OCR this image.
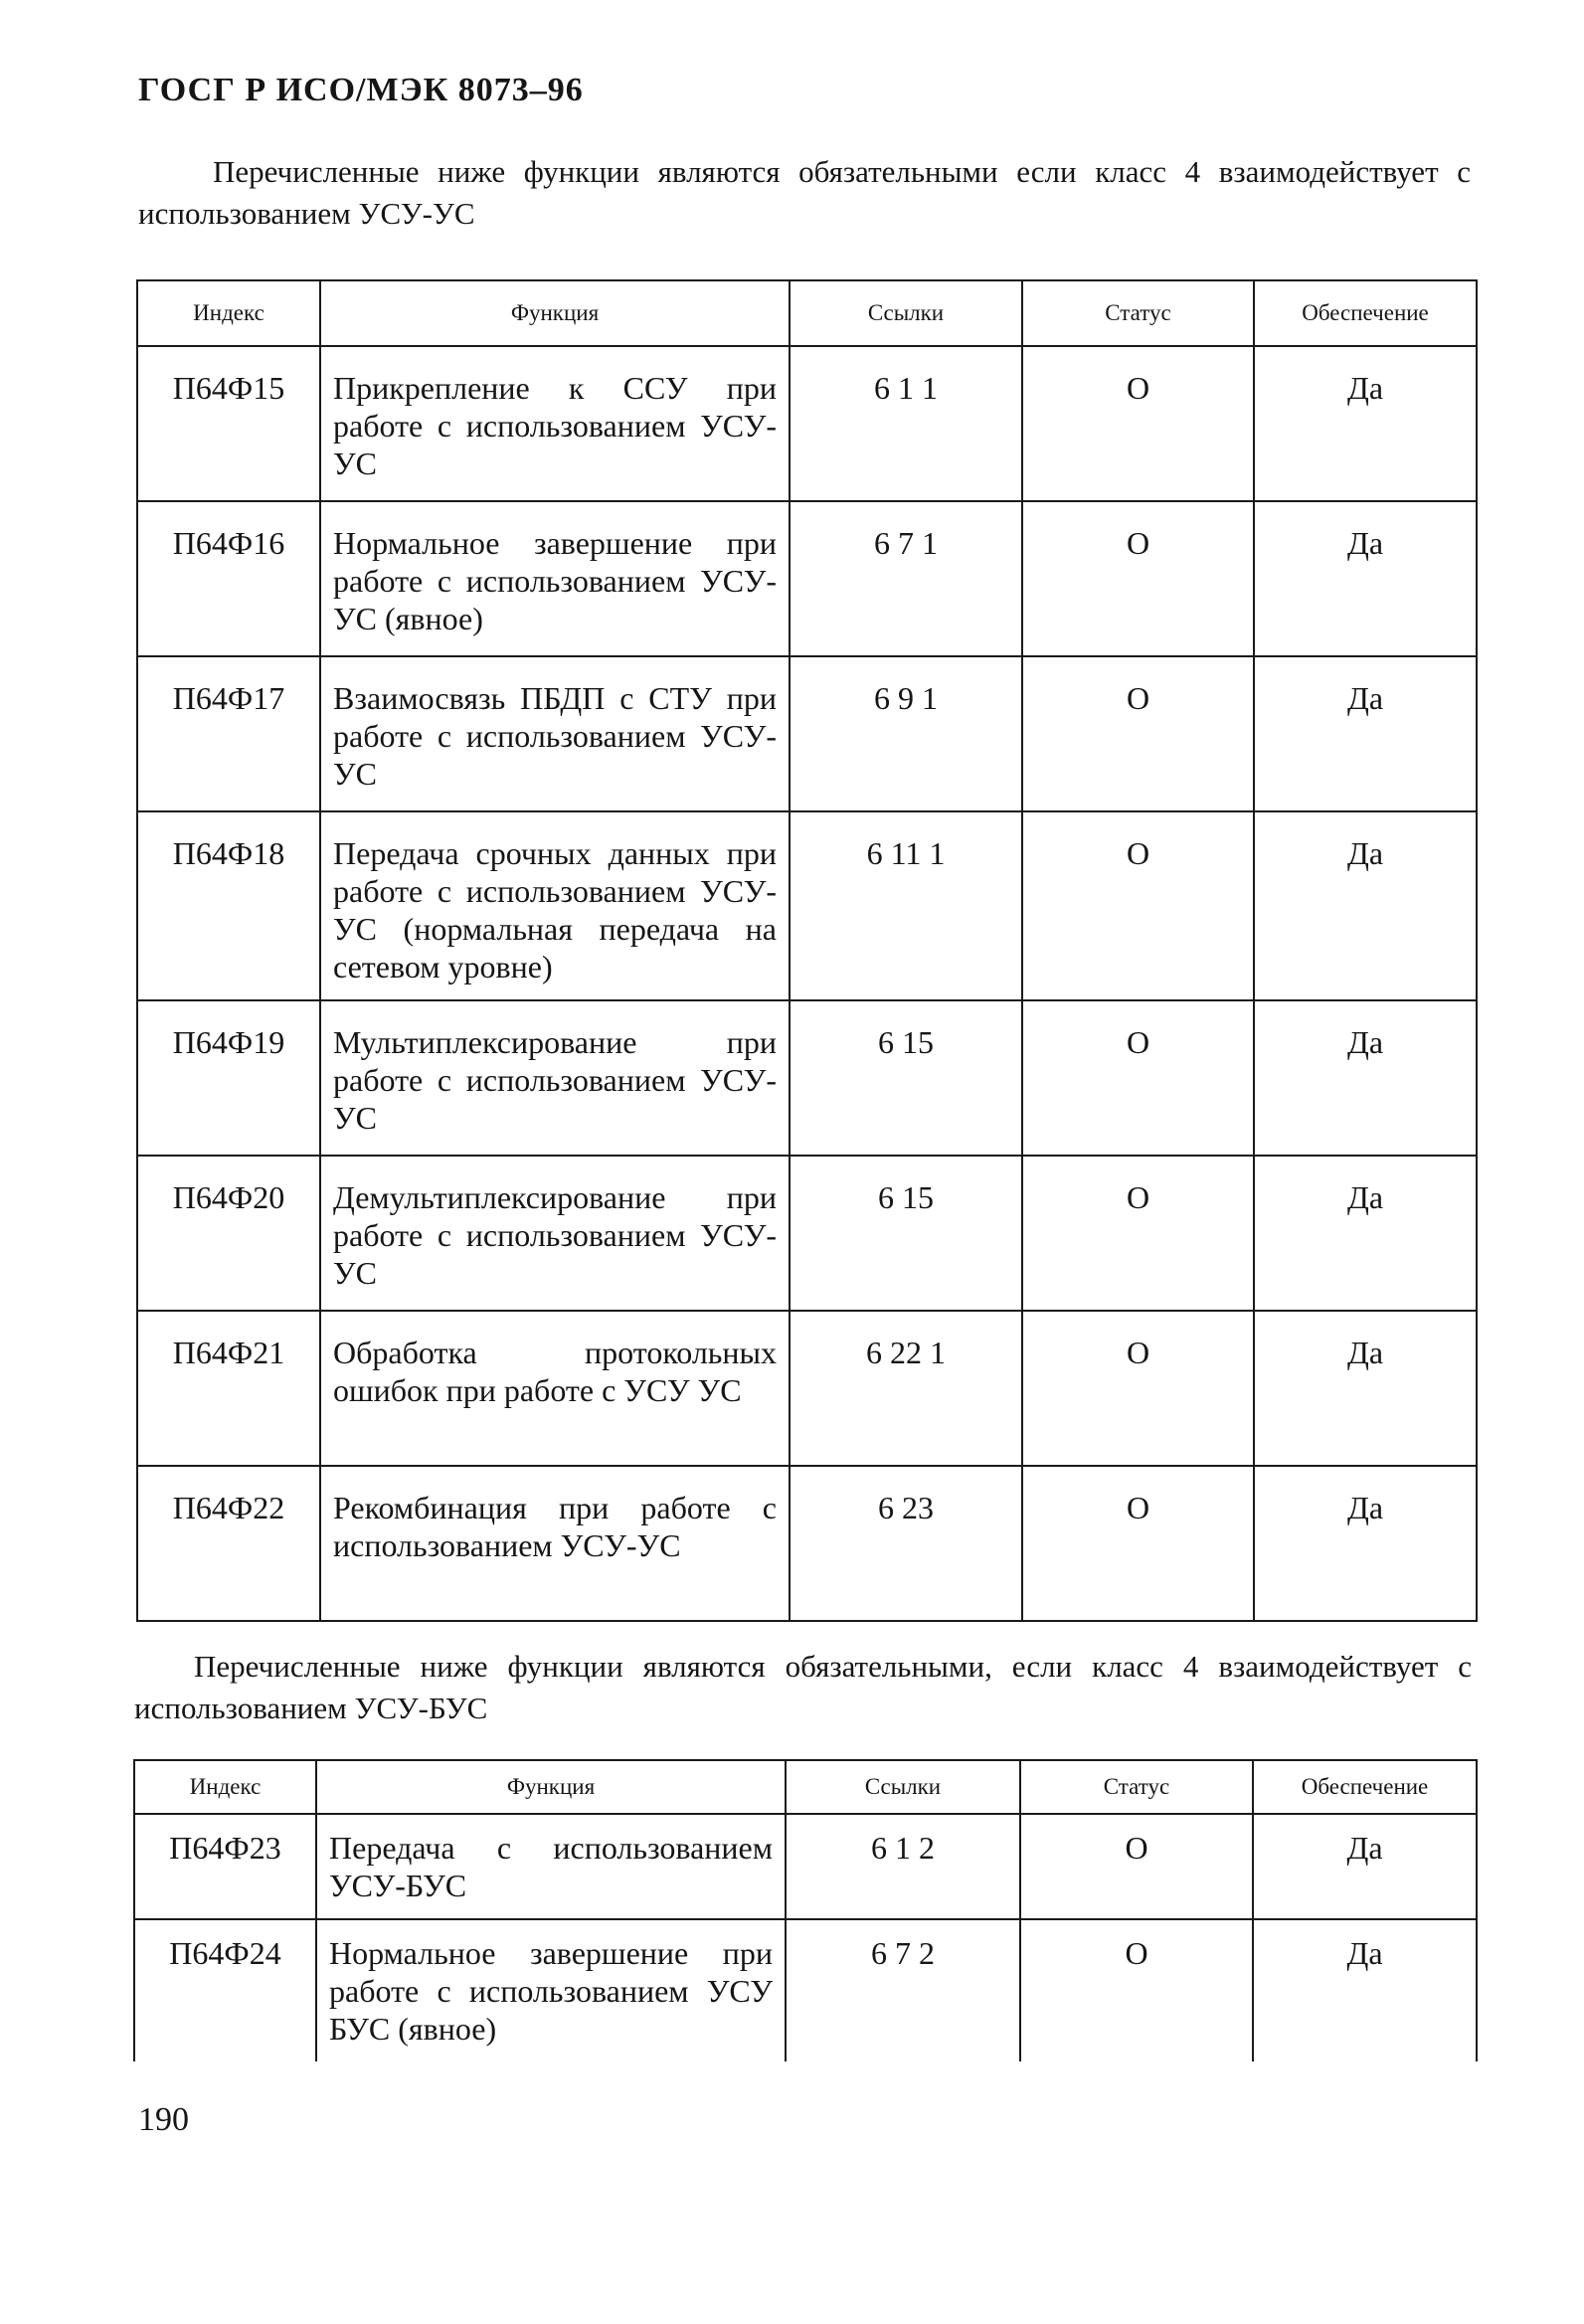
ГОСГ Р ИСО/МЭК 8073–96
Перечисленные ниже функции являются обязательными если класс 4 взаимодействует с использованием УСУ-УС
Индекс	Функция	Ссылки	Статус	Обеспечение
П64Ф15	Прикрепление к ССУ при работе с использованием УСУ-УС	6 1 1	О	Да
П64Ф16	Нормальное завершение при работе с использованием УСУ-УС (явное)	6 7 1	О	Да
П64Ф17	Взаимосвязь ПБДП с СТУ при работе с использованием УСУ-УС	6 9 1	О	Да
П64Ф18	Передача срочных данных при работе с использованием УСУ-УС (нормальная передача на сетевом уровне)	6 11 1	О	Да
П64Ф19	Мультиплексирование при работе с использованием УСУ-УС	6 15	О	Да
П64Ф20	Демультиплексирование при работе с использованием УСУ-УС	6 15	О	Да
П64Ф21	Обработка протокольных ошибок при работе с УСУ УС	6 22 1	О	Да
П64Ф22	Рекомбинация при работе с использованием УСУ-УС	6 23	О	Да
Перечисленные ниже функции являются обязательными, если класс 4 взаимодействует с использованием УСУ-БУС
Индекс	Функция	Ссылки	Статус	Обеспечение
П64Ф23	Передача с использованием УСУ-БУС	6 1 2	О	Да
П64Ф24	Нормальное завершение при работе с использованием УСУ БУС (явное)	6 7 2	О	Да
190
